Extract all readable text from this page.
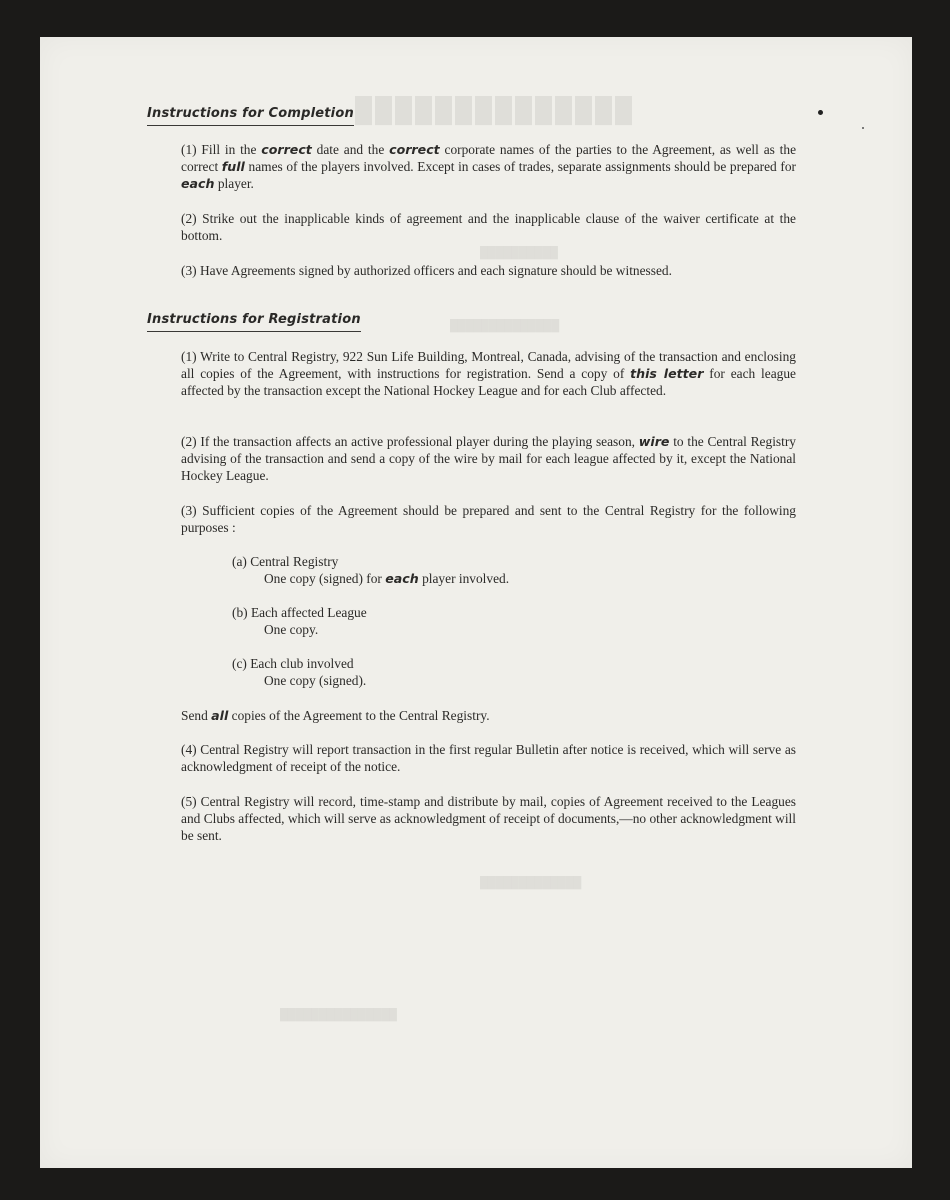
██████████████
██████████
██████████████
█████████████
███████████████
Instructions for Completion
(1) Fill in the correct date and the correct corporate names of the parties to the Agreement, as well as the correct full names of the players involved. Except in cases of trades, separate assignments should be prepared for each player.
(2) Strike out the inapplicable kinds of agreement and the inapplicable clause of the waiver certificate at the bottom.
(3) Have Agreements signed by authorized officers and each signature should be witnessed.
Instructions for Registration
(1) Write to Central Registry, 922 Sun Life Building, Montreal, Canada, advising of the transaction and enclosing all copies of the Agreement, with instructions for registration. Send a copy of this letter for each league affected by the transaction except the National Hockey League and for each Club affected.
(2) If the transaction affects an active professional player during the playing season, wire to the Central Registry advising of the transaction and send a copy of the wire by mail for each league affected by it, except the National Hockey League.
(3) Sufficient copies of the Agreement should be prepared and sent to the Central Registry for the following purposes :
(a) Central Registry
One copy (signed) for each player involved.
(b) Each affected League
One copy.
(c) Each club involved
One copy (signed).
Send all copies of the Agreement to the Central Registry.
(4) Central Registry will report transaction in the first regular Bulletin after notice is received, which will serve as acknowledgment of receipt of the notice.
(5) Central Registry will record, time-stamp and distribute by mail, copies of Agreement received to the Leagues and Clubs affected, which will serve as acknowledgment of receipt of documents,—no other acknowledgment will be sent.
